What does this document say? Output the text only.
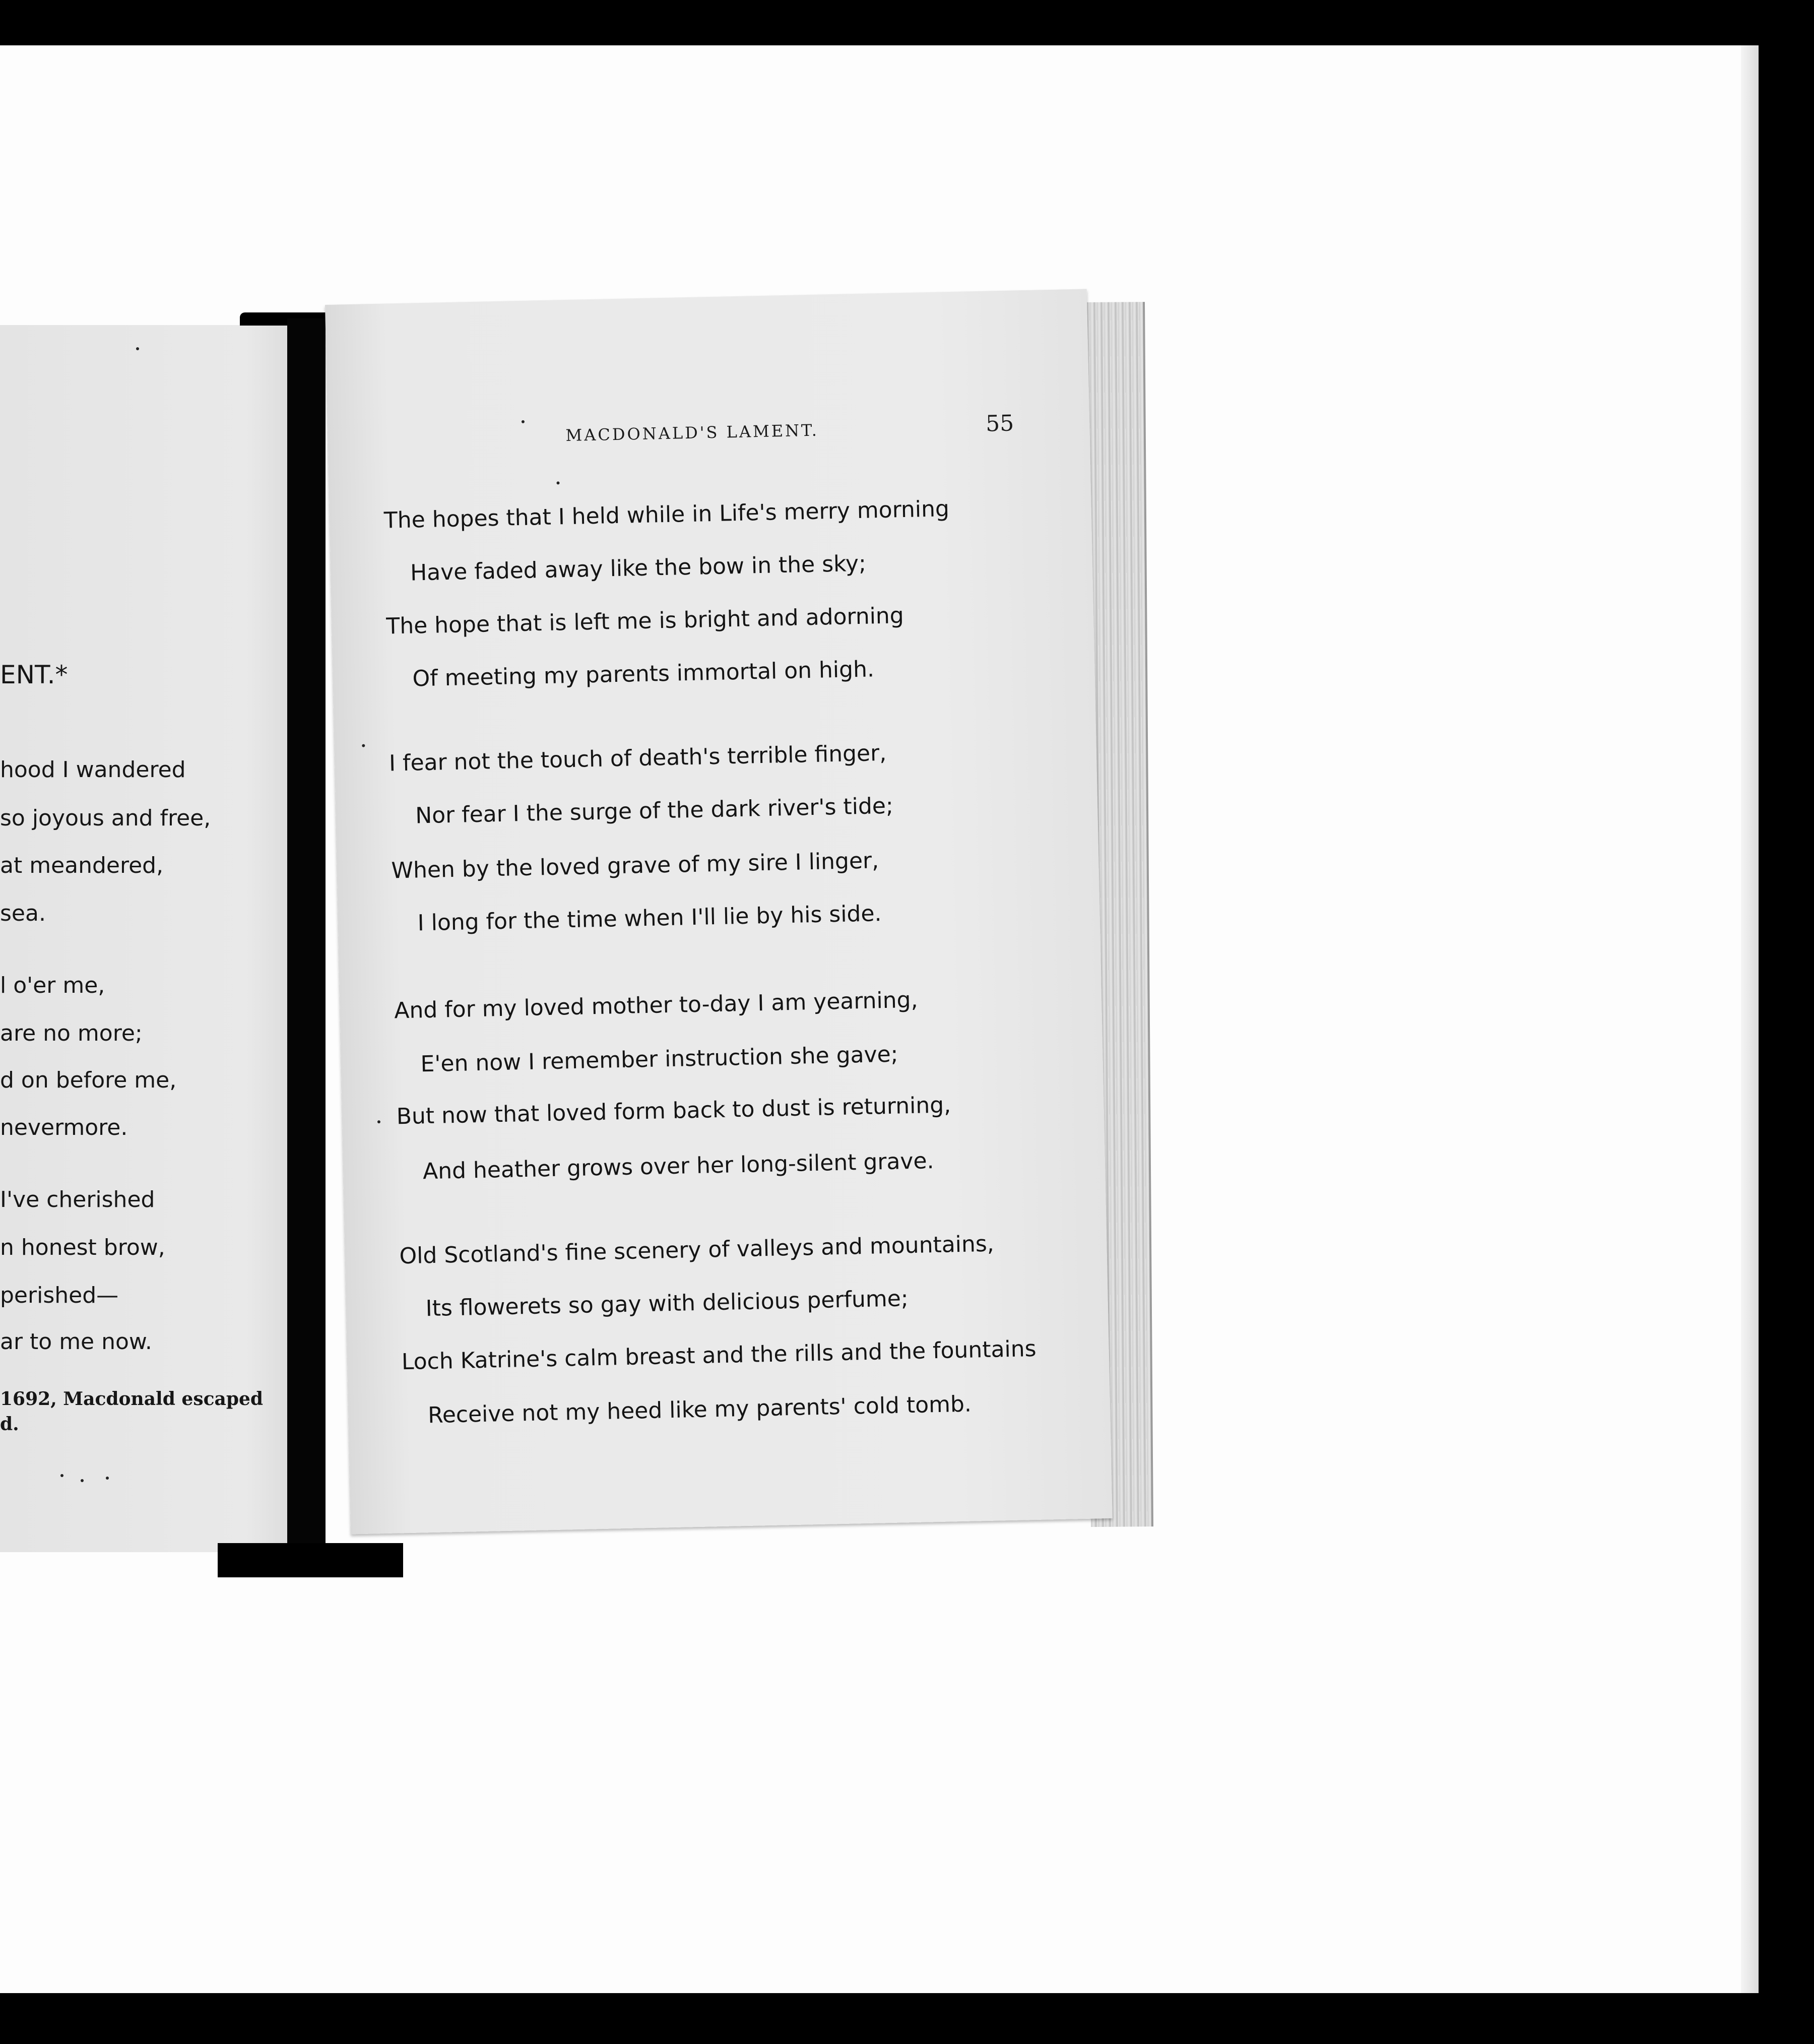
ENT.*
hood I wandered
so joyous and free,
at meandered,
sea.
l o'er me,
are no more;
d on before me,
nevermore.
I've cherished
n honest brow,
perished—
ar to me now.
1692, Macdonald escaped
d.
MACDONALD'S LAMENT.	55
The hopes that I held while in Life's merry morning
Have faded away like the bow in the sky;
The hope that is left me is bright and adorning
Of meeting my parents immortal on high.
I fear not the touch of death's terrible finger,
Nor fear I the surge of the dark river's tide;
When by the loved grave of my sire I linger,
I long for the time when I'll lie by his side.
And for my loved mother to-day I am yearning,
E'en now I remember instruction she gave;
But now that loved form back to dust is returning,
And heather grows over her long-silent grave.
Old Scotland's fine scenery of valleys and mountains,
Its flowerets so gay with delicious perfume;
Loch Katrine's calm breast and the rills and the fountains
Receive not my heed like my parents' cold tomb.
